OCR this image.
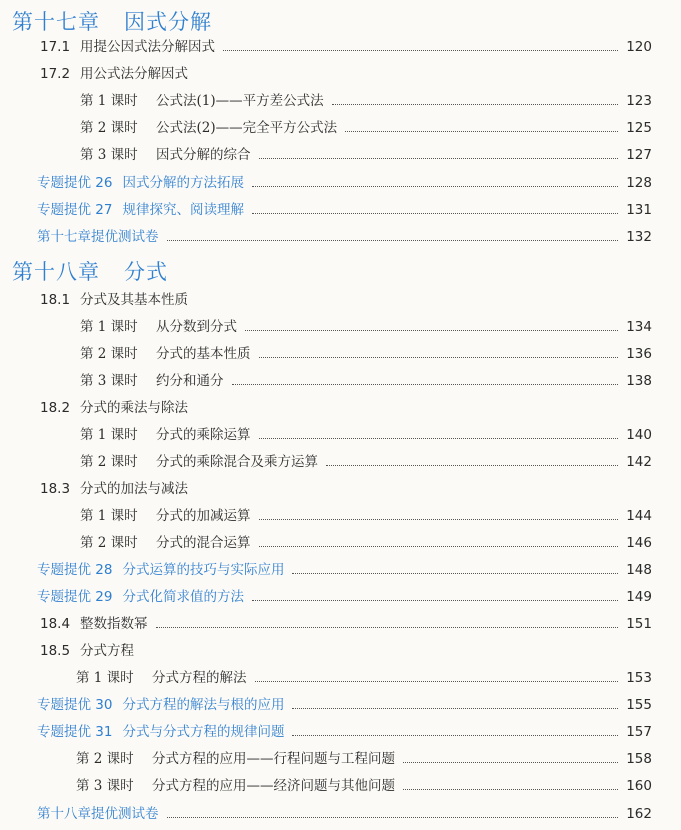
第十七章 因式分解
17.1 用提公因式法分解因式	120
17.2 用公式法分解因式
第 1 课时 公式法(1)——平方差公式法	123
第 2 课时 公式法(2)——完全平方公式法	125
第 3 课时 因式分解的综合	127
专题提优 26 因式分解的方法拓展	128
专题提优 27 规律探究、阅读理解	131
第十七章提优测试卷	132
第十八章 分式
18.1 分式及其基本性质
第 1 课时 从分数到分式	134
第 2 课时 分式的基本性质	136
第 3 课时 约分和通分	138
18.2 分式的乘法与除法
第 1 课时 分式的乘除运算	140
第 2 课时 分式的乘除混合及乘方运算	142
18.3 分式的加法与减法
第 1 课时 分式的加减运算	144
第 2 课时 分式的混合运算	146
专题提优 28 分式运算的技巧与实际应用	148
专题提优 29 分式化简求值的方法	149
18.4 整数指数幂	151
18.5 分式方程
第 1 课时 分式方程的解法	153
专题提优 30 分式方程的解法与根的应用	155
专题提优 31 分式与分式方程的规律问题	157
第 2 课时 分式方程的应用——行程问题与工程问题	158
第 3 课时 分式方程的应用——经济问题与其他问题	160
第十八章提优测试卷	162
